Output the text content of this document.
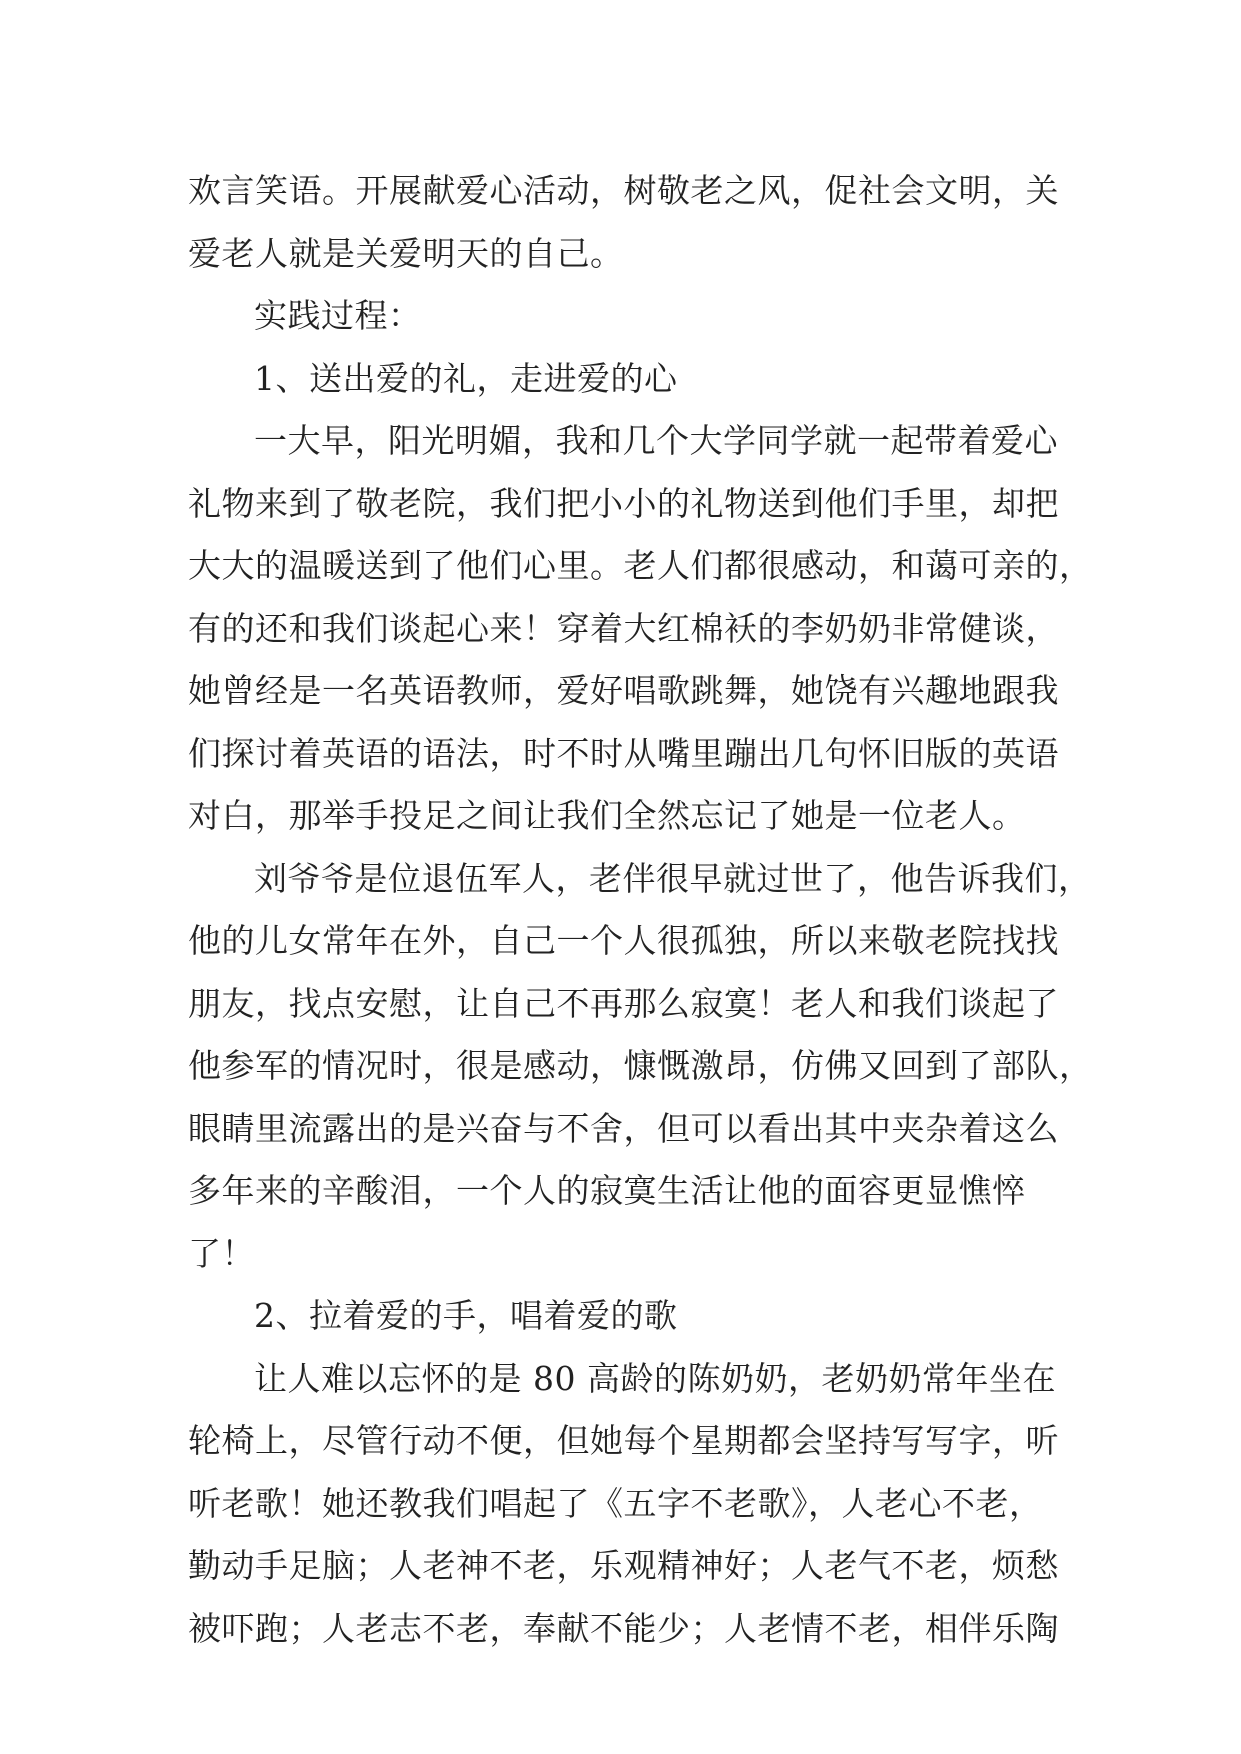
欢言笑语。开展献爱心活动，树敬老之风，促社会文明，关
爱老人就是关爱明天的自己。

实践过程：

1、送出爱的礼，走进爱的心

一大早，阳光明媚，我和几个大学同学就一起带着爱心
礼物来到了敬老院，我们把小小的礼物送到他们手里，却把
大大的温暖送到了他们心里。老人们都很感动，和蔼可亲的，
有的还和我们谈起心来！穿着大红棉袄的李奶奶非常健谈，
她曾经是一名英语教师，爱好唱歌跳舞，她饶有兴趣地跟我
们探讨着英语的语法，时不时从嘴里蹦出几句怀旧版的英语
对白，那举手投足之间让我们全然忘记了她是一位老人。

刘爷爷是位退伍军人，老伴很早就过世了，他告诉我们，
他的儿女常年在外，自己一个人很孤独，所以来敬老院找找
朋友，找点安慰，让自己不再那么寂寞！老人和我们谈起了
他参军的情况时，很是感动，慷慨激昂，仿佛又回到了部队，
眼睛里流露出的是兴奋与不舍，但可以看出其中夹杂着这么
多年来的辛酸泪，一个人的寂寞生活让他的面容更显憔悴
了！

2、拉着爱的手，唱着爱的歌

让人难以忘怀的是 80 高龄的陈奶奶，老奶奶常年坐在
轮椅上，尽管行动不便，但她每个星期都会坚持写写字，听
听老歌！她还教我们唱起了《五字不老歌》，人老心不老，
勤动手足脑；人老神不老，乐观精神好；人老气不老，烦愁
被吓跑；人老志不老，奉献不能少；人老情不老，相伴乐陶
